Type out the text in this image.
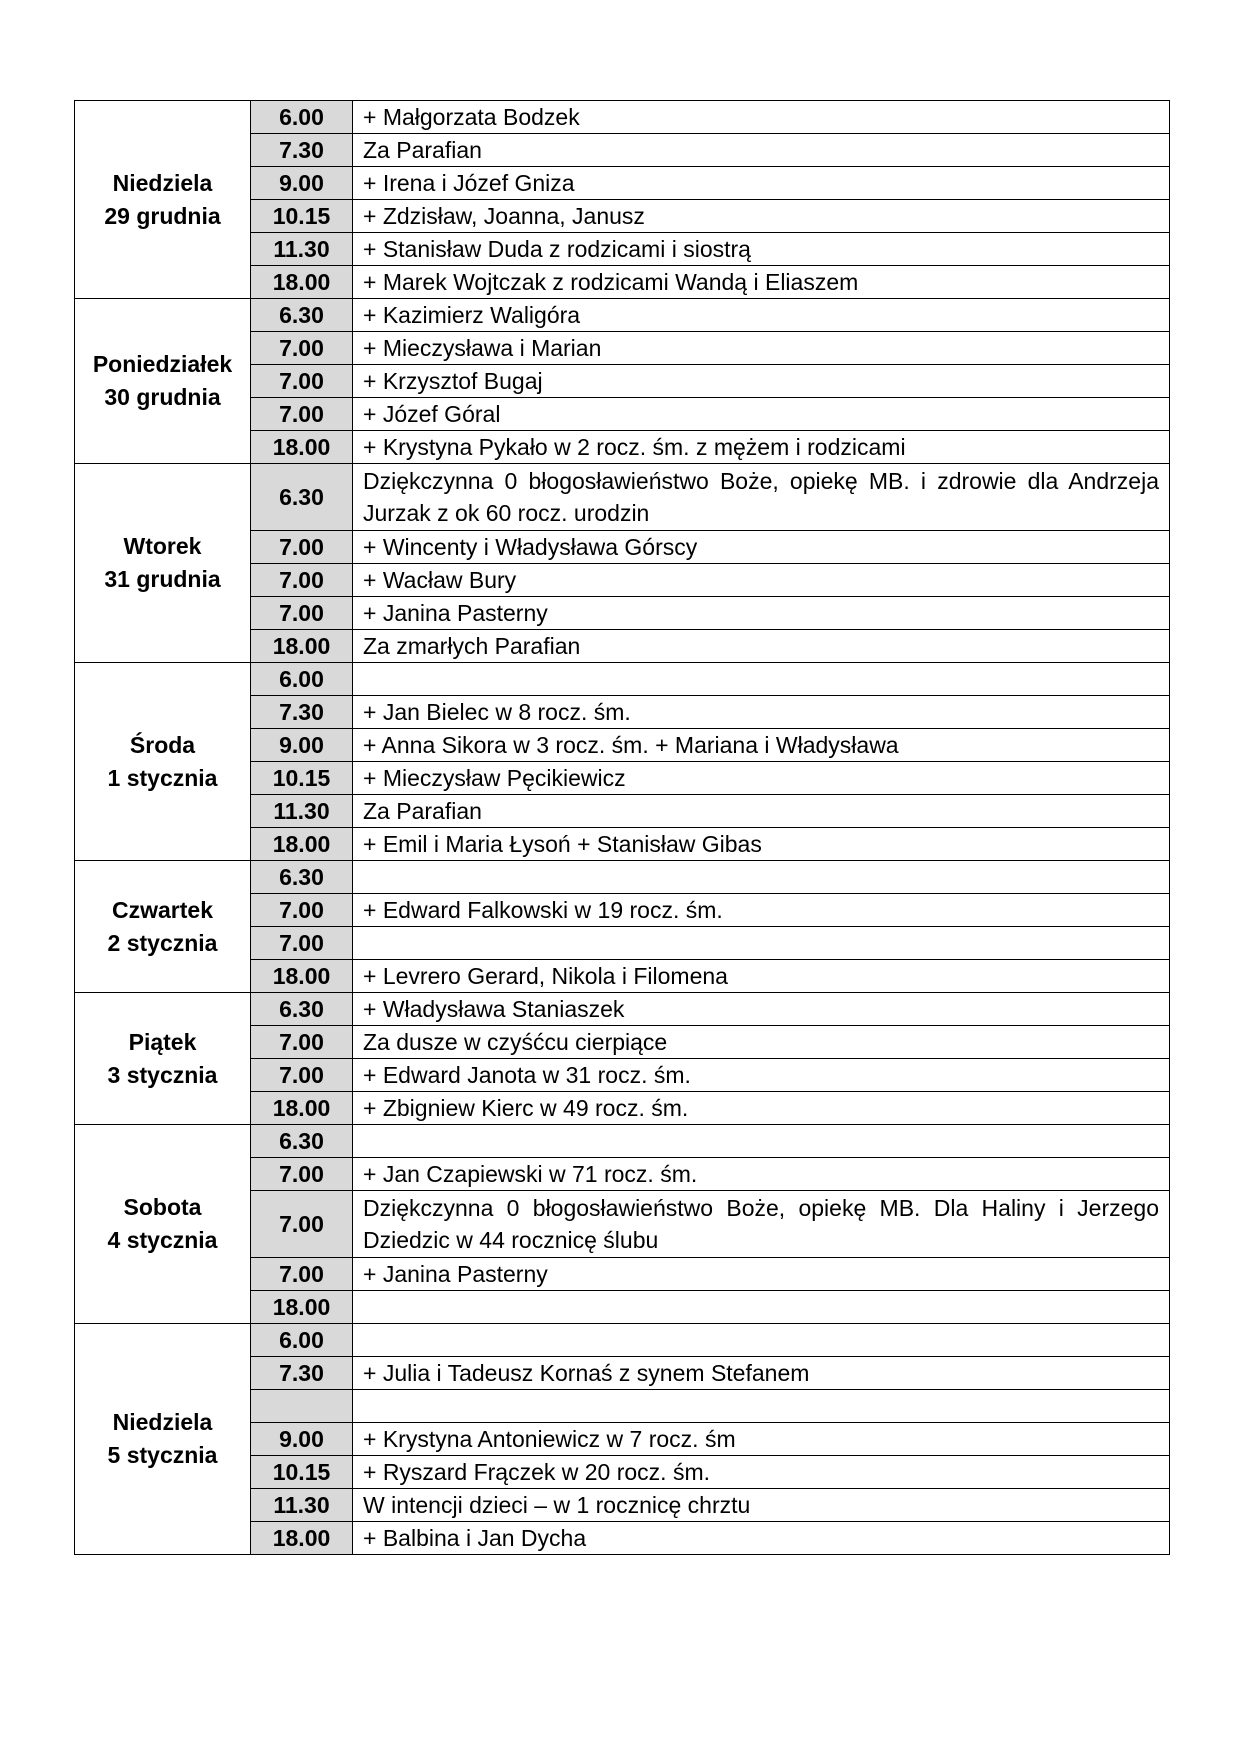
Niedziela
29 grudnia	6.00	+ Małgorzata Bodzek
	7.30	Za Parafian
	9.00	+ Irena i Józef Gniza
	10.15	+ Zdzisław, Joanna, Janusz
	11.30	+ Stanisław Duda z rodzicami i siostrą
	18.00	+ Marek Wojtczak z rodzicami Wandą i Eliaszem

Poniedziałek
30 grudnia	6.30	+ Kazimierz Waligóra
	7.00	+ Mieczysława i Marian
	7.00	+ Krzysztof Bugaj
	7.00	+ Józef Góral
	18.00	+ Krystyna Pykało w 2 rocz. śm. z mężem i rodzicami

Wtorek
31 grudnia	6.30	Dziękczynna 0 błogosławieństwo Boże, opiekę MB. i zdrowie dla Andrzeja Jurzak z ok 60 rocz. urodzin
	7.00	+ Wincenty i Władysława Górscy
	7.00	+ Wacław Bury
	7.00	+ Janina Pasterny
	18.00	Za zmarłych Parafian

Środa
1 stycznia	6.00	
	7.30	+ Jan Bielec w 8 rocz. śm.
	9.00	+ Anna Sikora w 3 rocz. śm. + Mariana i Władysława
	10.15	+ Mieczysław Pęcikiewicz
	11.30	Za Parafian
	18.00	+ Emil i Maria Łysoń + Stanisław Gibas

Czwartek
2 stycznia	6.30	
	7.00	+ Edward Falkowski w 19 rocz. śm.
	7.00	
	18.00	+ Levrero Gerard, Nikola i Filomena

Piątek
3 stycznia	6.30	+ Władysława Staniaszek
	7.00	Za dusze w czyśćcu cierpiące
	7.00	+ Edward Janota w 31 rocz. śm.
	18.00	+ Zbigniew Kierc w 49 rocz. śm.

Sobota
4 stycznia	6.30	
	7.00	+ Jan Czapiewski w 71 rocz. śm.
	7.00	Dziękczynna 0 błogosławieństwo Boże, opiekę MB. Dla Haliny i Jerzego Dziedzic w 44 rocznicę ślubu
	7.00	+ Janina Pasterny
	18.00	

Niedziela
5 stycznia	6.00	
	7.30	+ Julia i Tadeusz Kornaś z synem Stefanem

	9.00	+ Krystyna Antoniewicz w 7 rocz. śm
	10.15	+ Ryszard Frączek w 20 rocz. śm.
	11.30	W intencji dzieci – w 1 rocznicę chrztu
	18.00	+ Balbina i Jan Dycha
